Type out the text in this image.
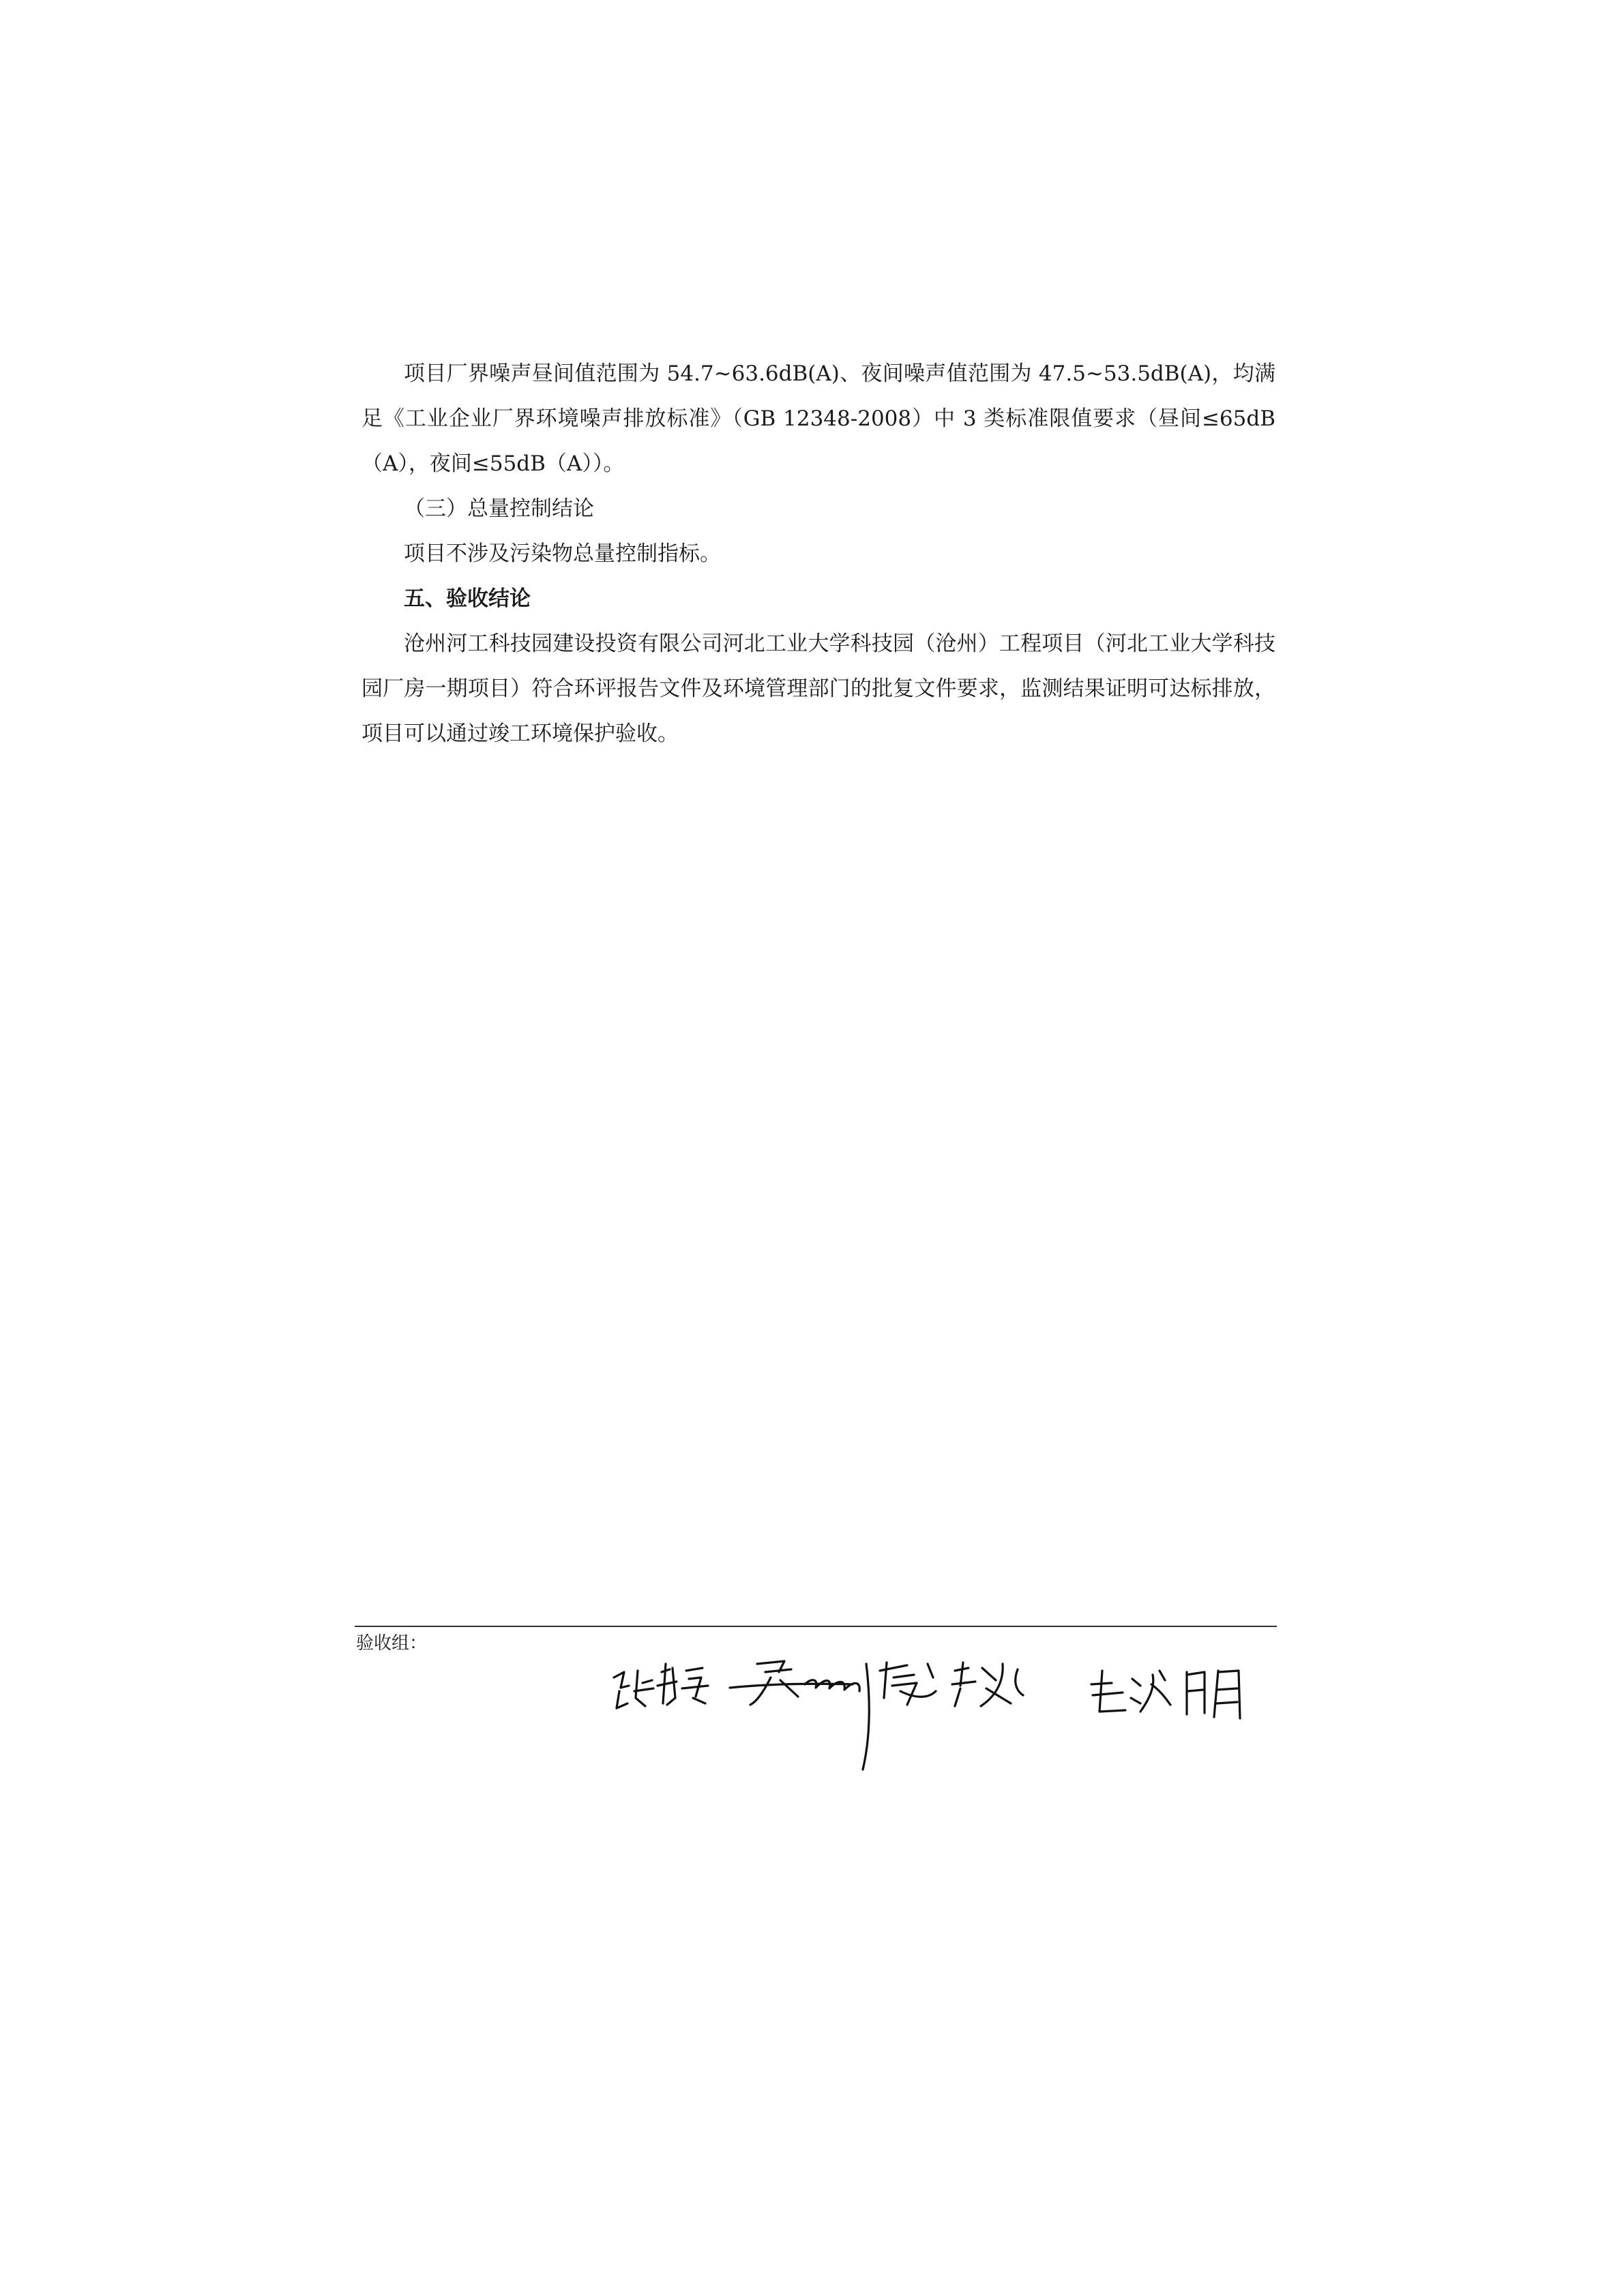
项目厂界噪声昼间值范围为 54.7~63.6dB(A)、夜间噪声值范围为 47.5~53.5dB(A)，均满足《工业企业厂界环境噪声排放标准》（GB 12348-2008）中 3 类标准限值要求（昼间≤65dB（A），夜间≤55dB（A））。

（三）总量控制结论

项目不涉及污染物总量控制指标。

五、验收结论

沧州河工科技园建设投资有限公司河北工业大学科技园（沧州）工程项目（河北工业大学科技园厂房一期项目）符合环评报告文件及环境管理部门的批复文件要求，监测结果证明可达标排放，项目可以通过竣工环境保护验收。

验收组：
